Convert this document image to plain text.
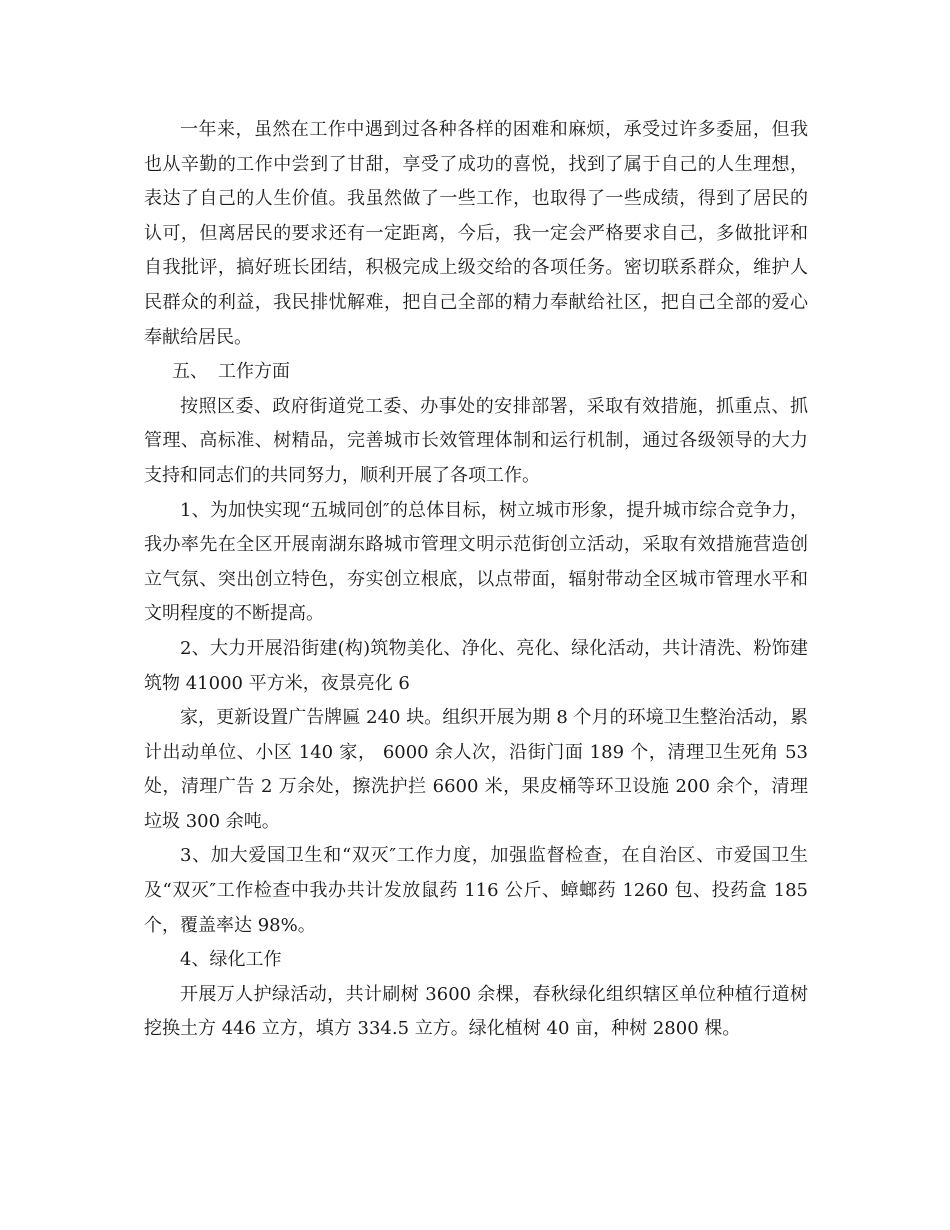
一年来，虽然在工作中遇到过各种各样的困难和麻烦，承受过许多委屈，但我也从辛勤的工作中尝到了甘甜，享受了成功的喜悦，找到了属于自己的人生理想，表达了自己的人生价值。我虽然做了一些工作，也取得了一些成绩，得到了居民的认可，但离居民的要求还有一定距离，今后，我一定会严格要求自己，多做批评和自我批评，搞好班长团结，积极完成上级交给的各项任务。密切联系群众，维护人民群众的利益，我民排忧解难，把自己全部的精力奉献给社区，把自己全部的爱心奉献给居民。

五、 工作方面

按照区委、政府街道党工委、办事处的安排部署，采取有效措施，抓重点、抓管理、高标准、树精品，完善城市长效管理体制和运行机制，通过各级领导的大力支持和同志们的共同努力，顺利开展了各项工作。

1、为加快实现“五城同创″的总体目标，树立城市形象，提升城市综合竞争力，我办率先在全区开展南湖东路城市管理文明示范街创立活动，采取有效措施营造创立气氛、突出创立特色，夯实创立根底，以点带面，辐射带动全区城市管理水平和文明程度的不断提高。

2、大力开展沿街建(构)筑物美化、净化、亮化、绿化活动，共计清洗、粉饰建筑物 41000 平方米，夜景亮化 6

家，更新设置广告牌匾 240 块。组织开展为期 8 个月的环境卫生整治活动，累计出动单位、小区 140 家， 6000 余人次，沿街门面 189 个，清理卫生死角 53 处，清理广告 2 万余处，擦洗护拦 6600 米，果皮桶等环卫设施 200 余个，清理垃圾 300 余吨。

3、加大爱国卫生和“双灭″工作力度，加强监督检查，在自治区、市爱国卫生及“双灭″工作检查中我办共计发放鼠药 116 公斤、蟑螂药 1260 包、投药盒 185 个，覆盖率达 98%。

4、绿化工作

开展万人护绿活动，共计刷树 3600 余棵，春秋绿化组织辖区单位种植行道树挖换土方 446 立方，填方 334.5 立方。绿化植树 40 亩，种树 2800 棵。
